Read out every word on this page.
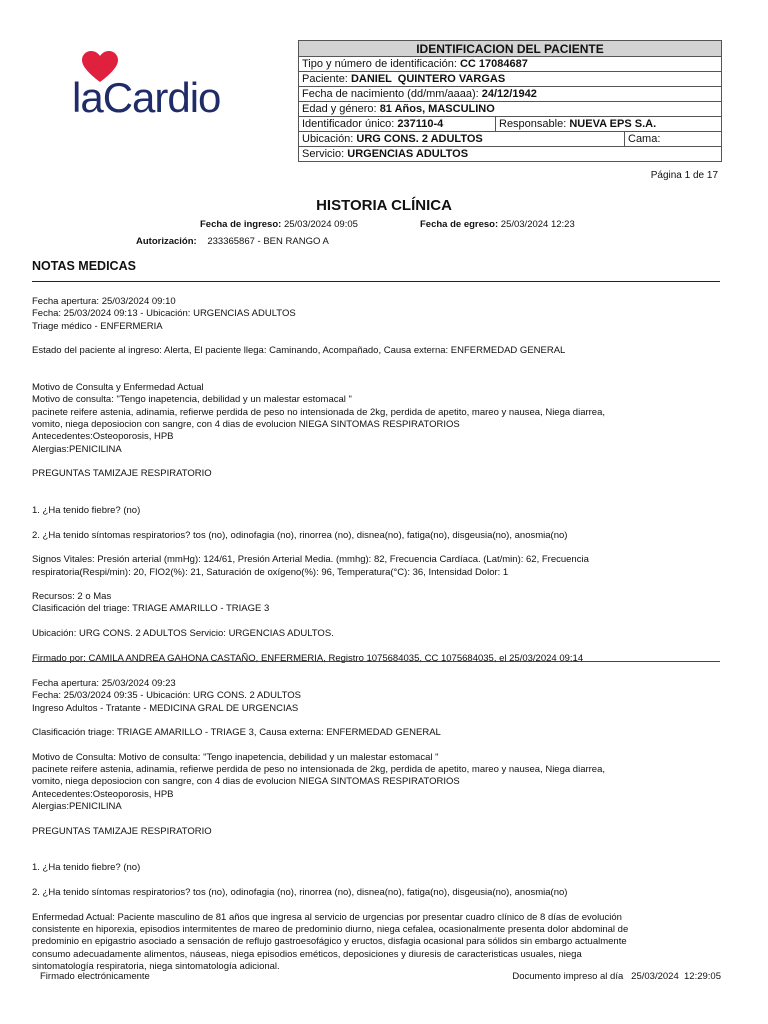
laCardio
IDENTIFICACION DEL PACIENTE		
Tipo y número de identificación: CC 17084687		
Paciente: DANIEL  QUINTERO VARGAS		
Fecha de nacimiento (dd/mm/aaaa): 24/12/1942		
Edad y género: 81 Años, MASCULINO		
Identificador único: 237110-4	Responsable: NUEVA EPS S.A.	
Ubicación: URG CONS. 2 ADULTOS		Cama:
Servicio: URGENCIAS ADULTOS		
Página 1 de 17
HISTORIA CLÍNICA
Fecha de ingreso: 25/03/2024 09:05	Fecha de egreso: 25/03/2024 12:23
Autorización: 233365867 - BEN RANGO A
NOTAS MEDICAS

Fecha apertura: 25/03/2024 09:10

Fecha: 25/03/2024 09:13 - Ubicación: URGENCIAS ADULTOS

Triage médico - ENFERMERIA

Estado del paciente al ingreso: Alerta, El paciente llega: Caminando, Acompañado, Causa externa: ENFERMEDAD GENERAL

Motivo de Consulta y Enfermedad Actual

Motivo de consulta: "Tengo inapetencia, debilidad y un malestar estomacal "

pacinete reifere astenia, adinamia, refierwe perdida de peso no intensionada de 2kg, perdida de apetito, mareo y nausea, Niega diarrea,

vomito, niega deposiocion con sangre, con 4 dias de evolucion NIEGA SINTOMAS RESPIRATORIOS

Antecedentes:Osteoporosis, HPB

Alergias:PENICILINA

PREGUNTAS TAMIZAJE RESPIRATORIO

1. ¿Ha tenido fiebre? (no)

2. ¿Ha tenido síntomas respiratorios? tos (no), odinofagia (no), rinorrea (no), disnea(no), fatiga(no), disgeusia(no), anosmia(no)

Signos Vitales: Presión arterial (mmHg): 124/61, Presión Arterial Media. (mmhg): 82, Frecuencia Cardíaca. (Lat/min): 62, Frecuencia

respiratoria(Respi/min): 20, FIO2(%): 21, Saturación de oxígeno(%): 96, Temperatura(°C): 36, Intensidad Dolor: 1

Recursos: 2 o Mas

Clasificación del triage: TRIAGE AMARILLO - TRIAGE 3

Ubicación: URG CONS. 2 ADULTOS Servicio: URGENCIAS ADULTOS.

Firmado por: CAMILA ANDREA GAHONA CASTAÑO, ENFERMERIA, Registro 1075684035, CC 1075684035, el 25/03/2024 09:14

Fecha apertura: 25/03/2024 09:23

Fecha: 25/03/2024 09:35 - Ubicación: URG CONS. 2 ADULTOS

Ingreso Adultos - Tratante - MEDICINA GRAL DE URGENCIAS

Clasificación triage: TRIAGE AMARILLO - TRIAGE 3, Causa externa: ENFERMEDAD GENERAL

Motivo de Consulta: Motivo de consulta: "Tengo inapetencia, debilidad y un malestar estomacal "

pacinete reifere astenia, adinamia, refierwe perdida de peso no intensionada de 2kg, perdida de apetito, mareo y nausea, Niega diarrea,

vomito, niega deposiocion con sangre, con 4 dias de evolucion NIEGA SINTOMAS RESPIRATORIOS

Antecedentes:Osteoporosis, HPB

Alergias:PENICILINA

PREGUNTAS TAMIZAJE RESPIRATORIO

1. ¿Ha tenido fiebre? (no)

2. ¿Ha tenido síntomas respiratorios? tos (no), odinofagia (no), rinorrea (no), disnea(no), fatiga(no), disgeusia(no), anosmia(no)

Enfermedad Actual: Paciente masculino de 81 años que ingresa al servicio de urgencias por presentar cuadro clínico de 8 días de evolución

consistente en hiporexia, episodios intermitentes de mareo de predominio diurno, niega cefalea, ocasionalmente presenta dolor abdominal de

predominio en epigastrio asociado a sensación de reflujo gastroesofágico y eructos, disfagia ocasional para sólidos sin embargo actualmente

consumo adecuadamente alimentos, náuseas, niega episodios eméticos, deposiciones y diuresis de caracteristicas usuales, niega

sintomatología respiratoria, niega sintomatología adicional.

Firmado electrónicamente	Documento impreso al día   25/03/2024  12:29:05
